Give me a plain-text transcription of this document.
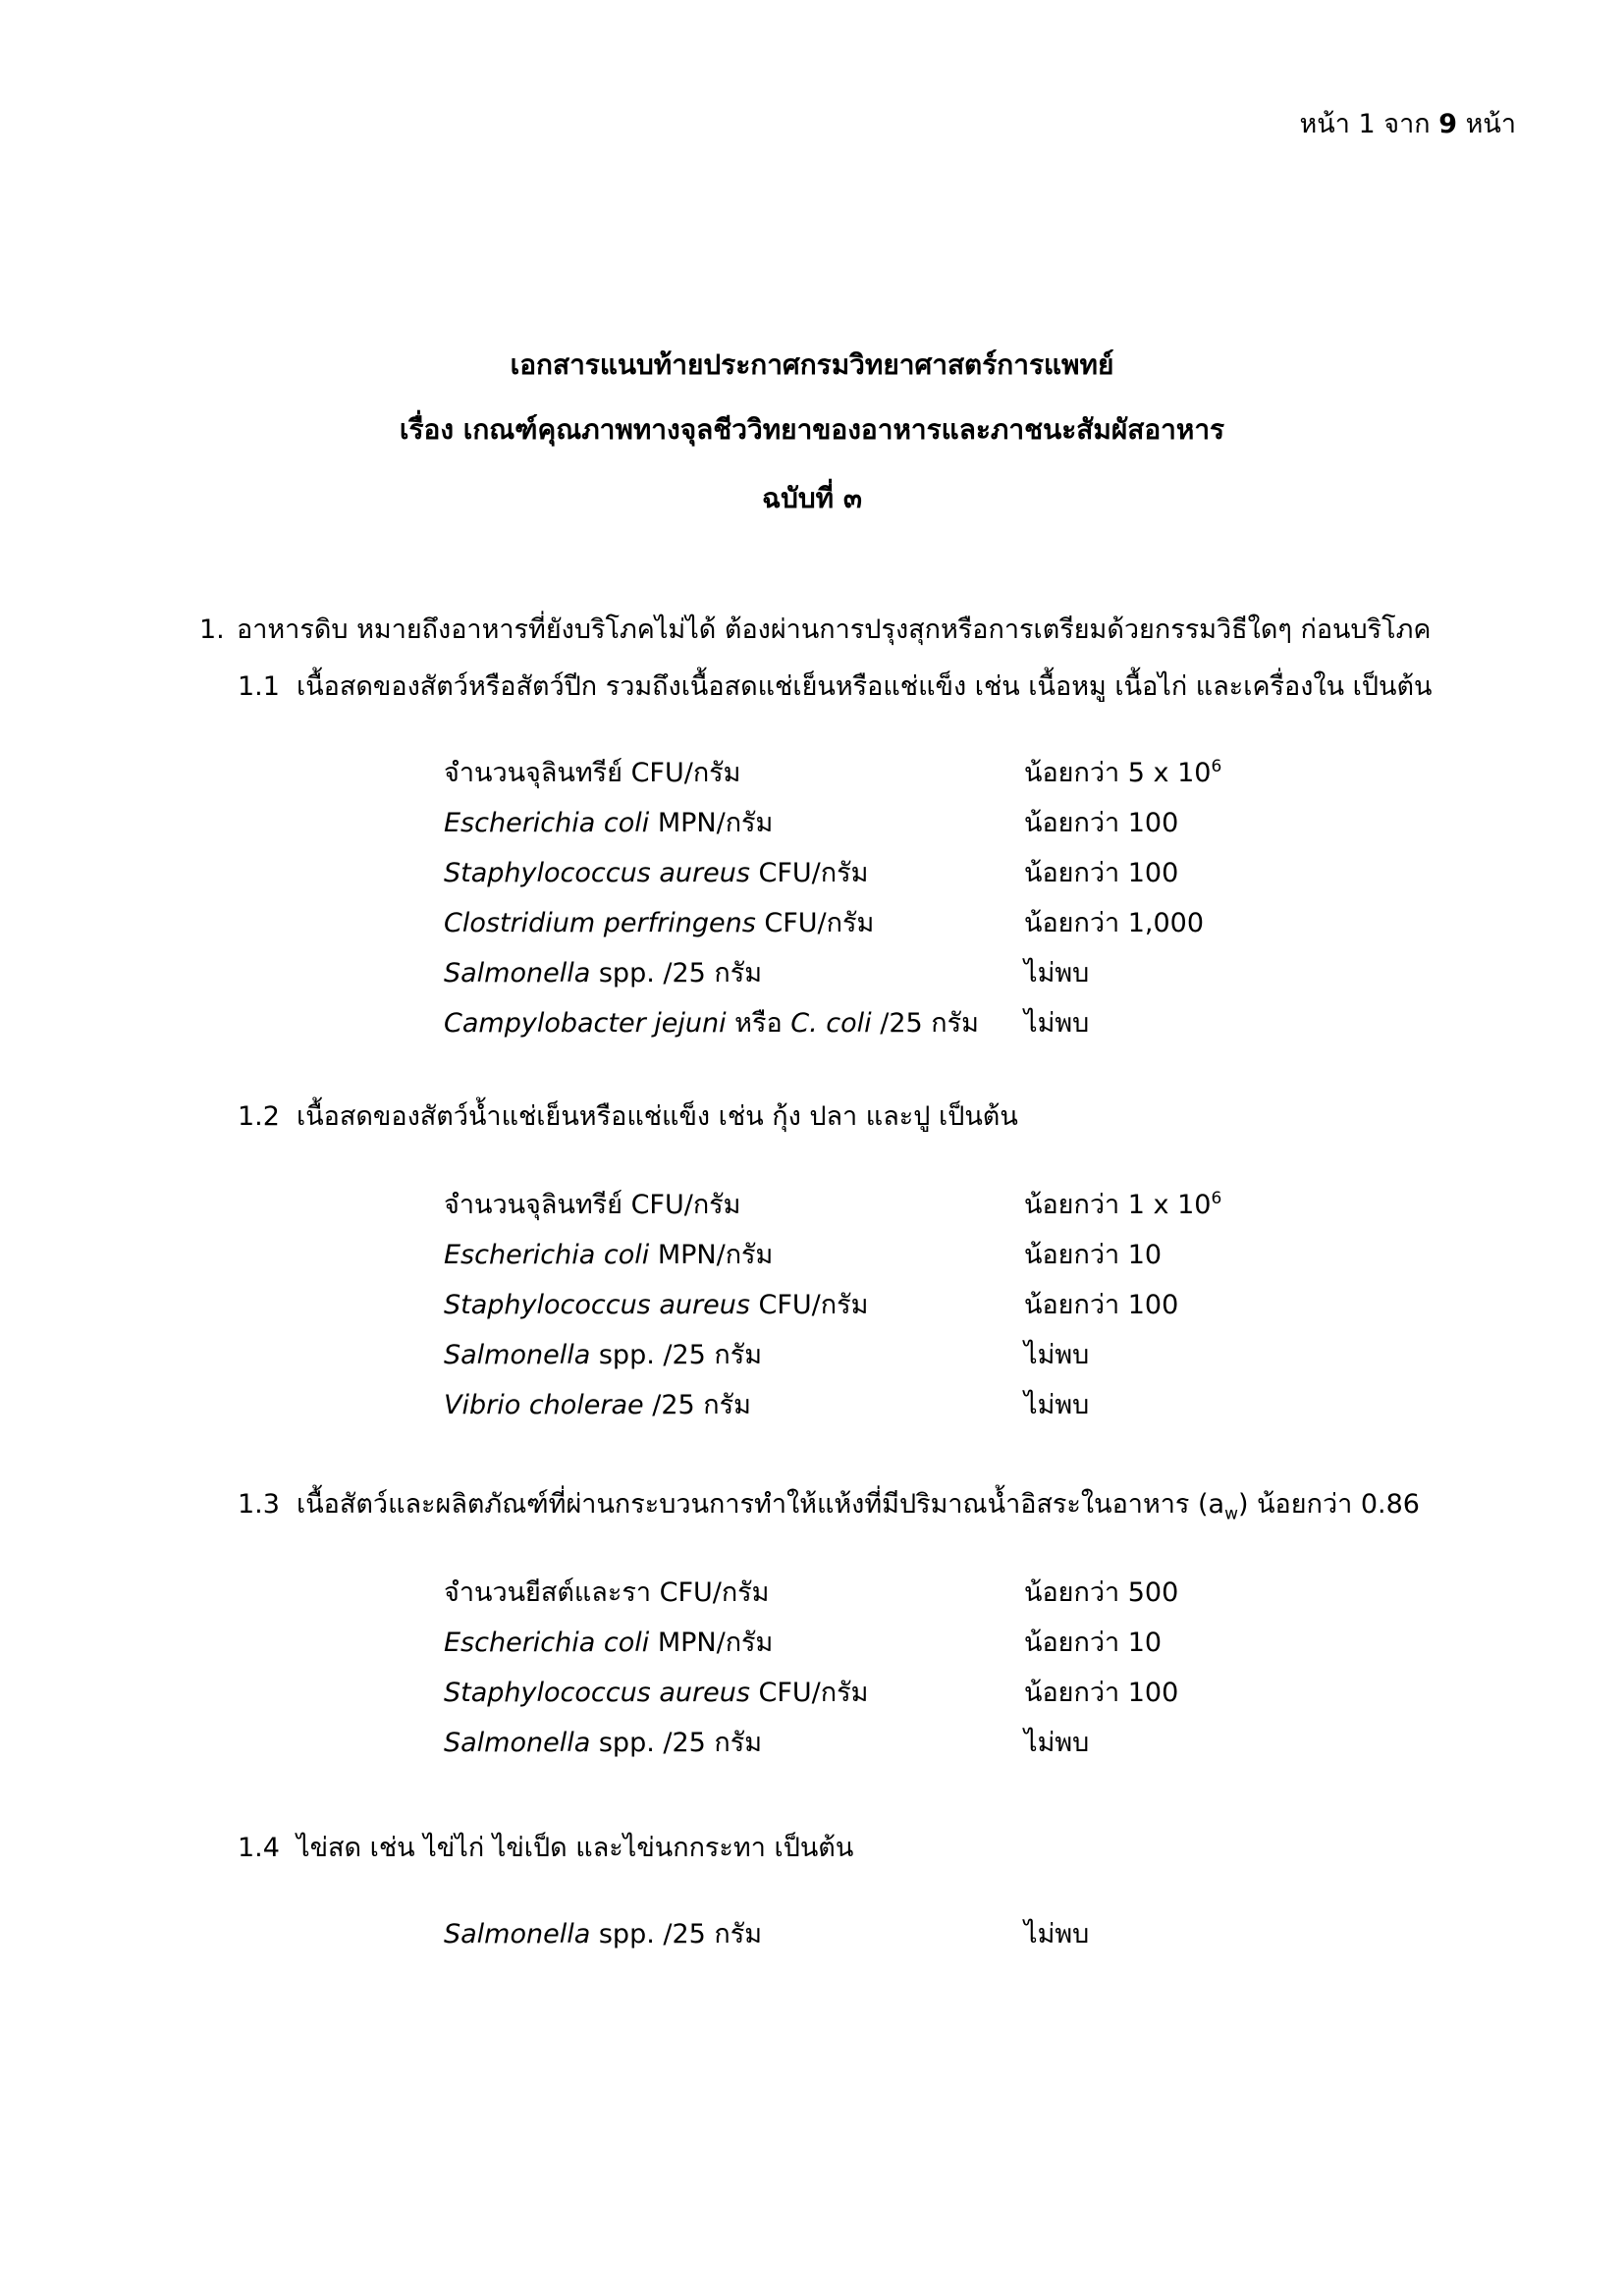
หน้า 1 จาก 9 หน้า
เอกสารแนบท้ายประกาศกรมวิทยาศาสตร์การแพทย์
เรื่อง เกณฑ์คุณภาพทางจุลชีววิทยาของอาหารและภาชนะสัมผัสอาหาร
ฉบับที่ ๓
1. อาหารดิบ หมายถึงอาหารที่ยังบริโภคไม่ได้ ต้องผ่านการปรุงสุกหรือการเตรียมด้วยกรรมวิธีใดๆ ก่อนบริโภค
1.1 เนื้อสดของสัตว์หรือสัตว์ปีก รวมถึงเนื้อสดแช่เย็นหรือแช่แข็ง เช่น เนื้อหมู เนื้อไก่ และเครื่องใน เป็นต้น
จำนวนจุลินทรีย์ CFU/กรัม	น้อยกว่า 5 x $10^6$
Escherichia coli MPN/กรัม	น้อยกว่า 100
Staphylococcus aureus CFU/กรัม	น้อยกว่า 100
Clostridium perfringens CFU/กรัม	น้อยกว่า 1,000
Salmonella spp. /25 กรัม	ไม่พบ
Campylobacter jejuni หรือ C. coli /25 กรัม ไม่พบ
1.2 เนื้อสดของสัตว์น้ำแช่เย็นหรือแช่แข็ง เช่น กุ้ง ปลา และปู เป็นต้น
จำนวนจุลินทรีย์ CFU/กรัม	น้อยกว่า 1 x $10^6$
Escherichia coli MPN/กรัม	น้อยกว่า 10
Staphylococcus aureus CFU/กรัม	น้อยกว่า 100
Salmonella spp. /25 กรัม	ไม่พบ
Vibrio cholerae /25 กรัม	ไม่พบ
1.3 เนื้อสัตว์และผลิตภัณฑ์ที่ผ่านกระบวนการทำให้แห้งที่มีปริมาณน้ำอิสระในอาหาร $(a_w)$ น้อยกว่า 0.86
จำนวนยีสต์และรา CFU/กรัม	น้อยกว่า 500
Escherichia coli MPN/กรัม	น้อยกว่า 10
Staphylococcus aureus CFU/กรัม	น้อยกว่า 100
Salmonella spp. /25 กรัม	ไม่พบ
1.4 ไข่สด เช่น ไข่ไก่ ไข่เป็ด และไข่นกกระทา เป็นต้น
Salmonella spp. /25 กรัม	ไม่พบ
